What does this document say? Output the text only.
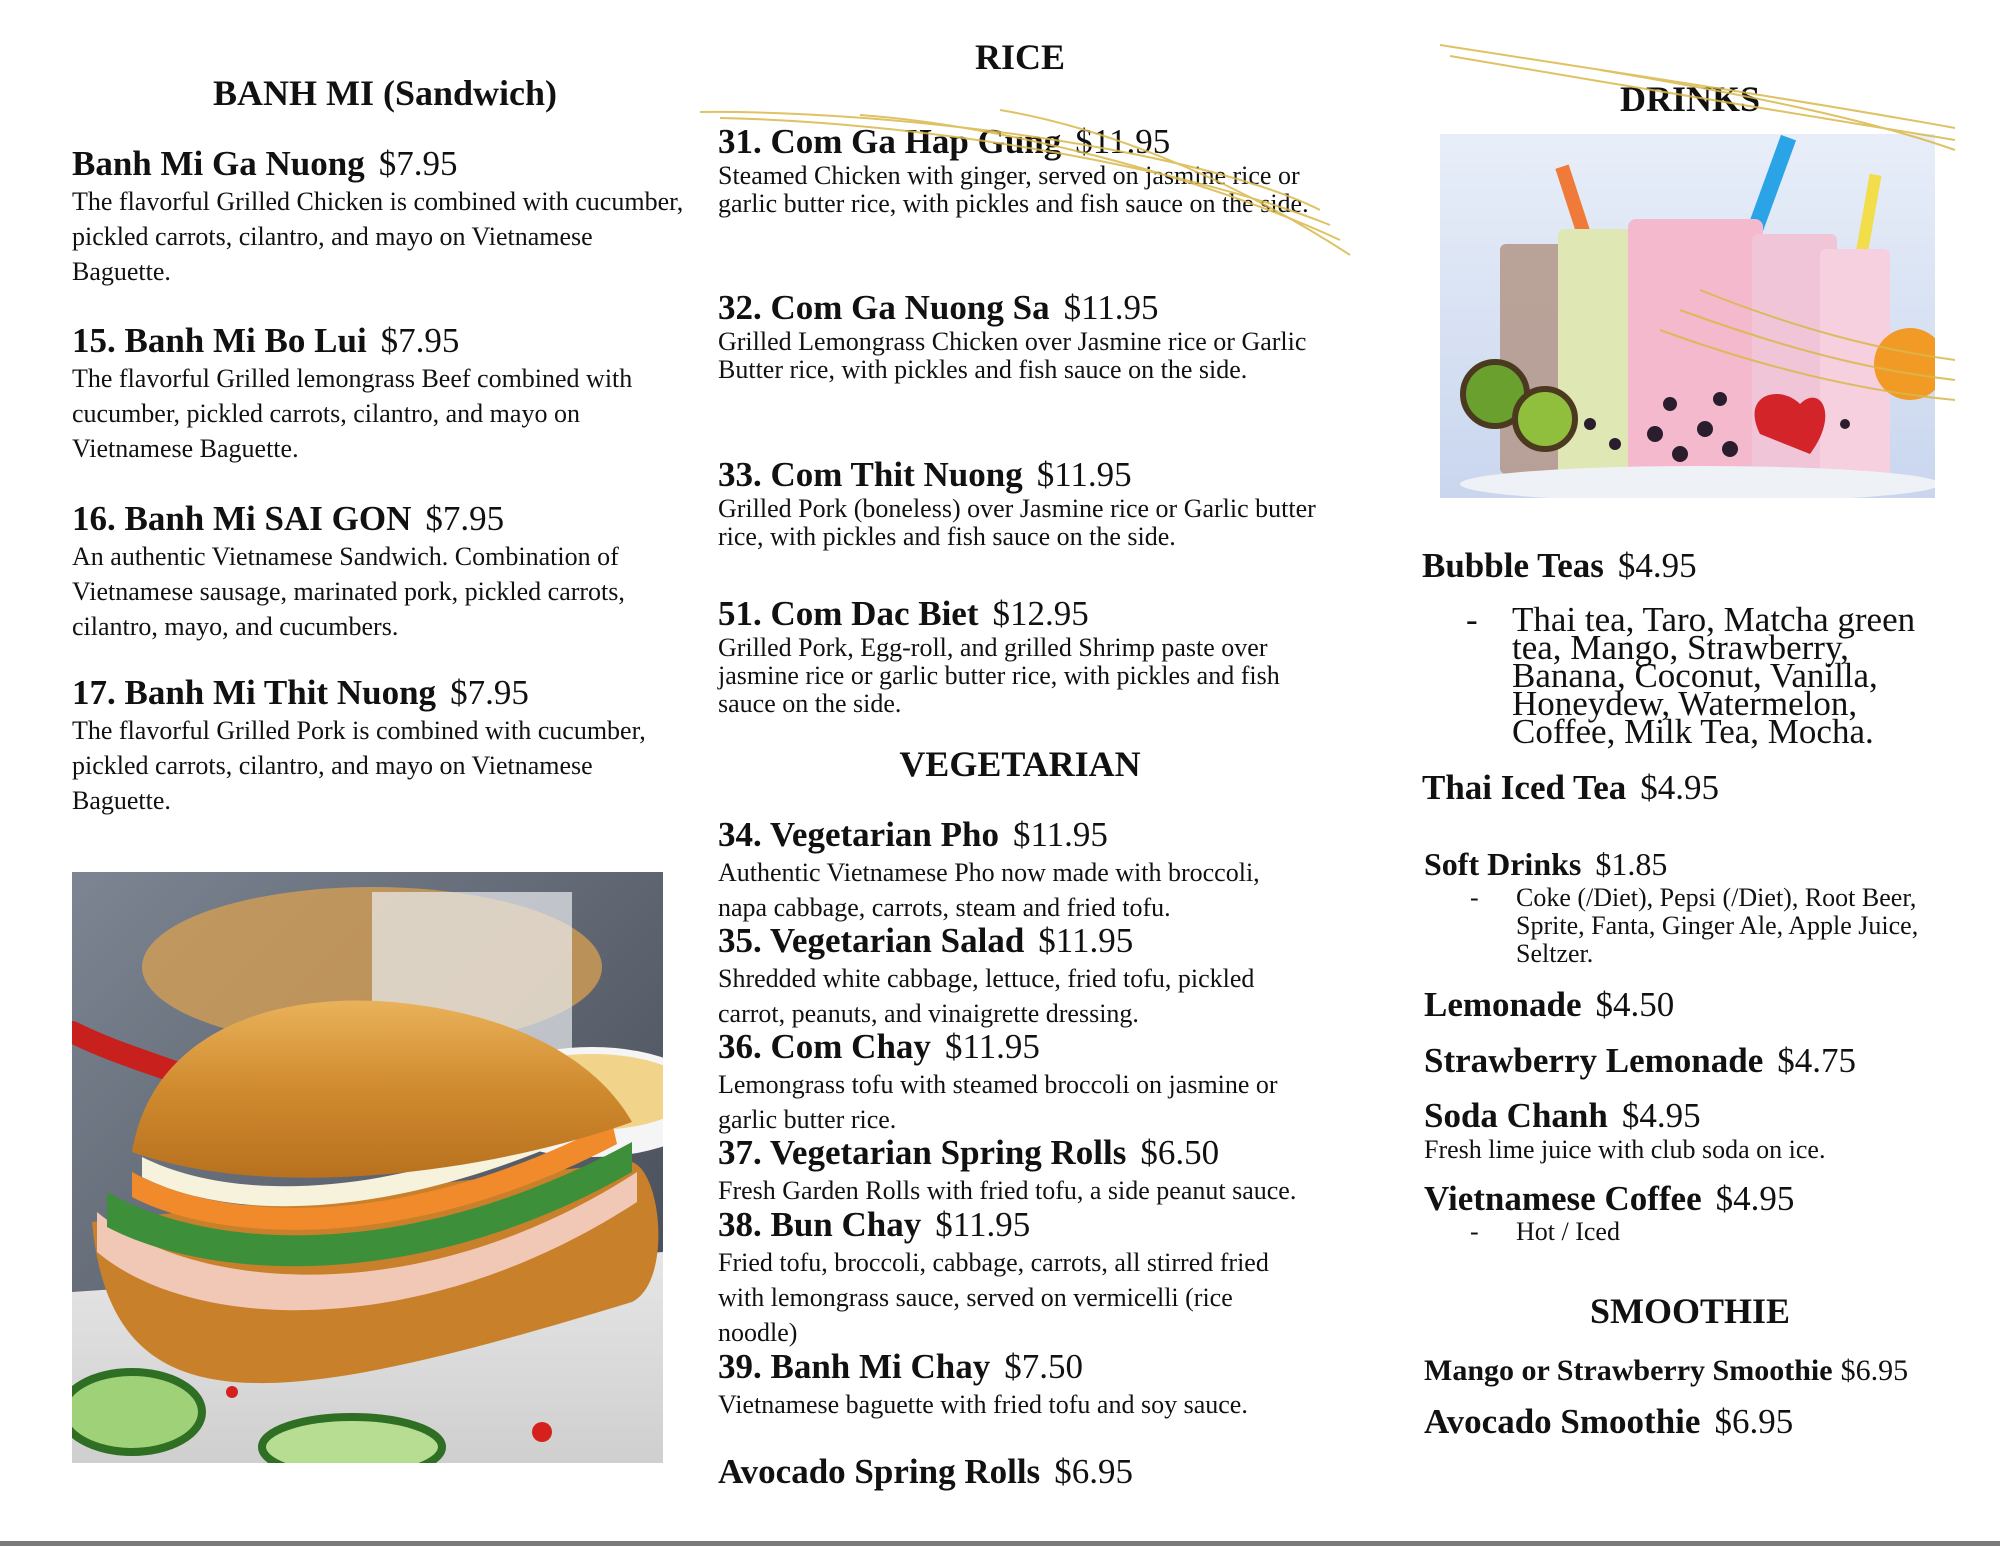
BANH MI (Sandwich)
Banh Mi Ga Nuong $7.95
The flavorful Grilled Chicken is combined with cucumber, pickled carrots, cilantro, and mayo on Vietnamese Baguette.
15. Banh Mi Bo Lui $7.95
The flavorful Grilled lemongrass Beef combined with cucumber, pickled carrots, cilantro, and mayo on Vietnamese Baguette.
16. Banh Mi SAI GON $7.95
An authentic Vietnamese Sandwich. Combination of Vietnamese sausage, marinated pork, pickled carrots, cilantro, mayo, and cucumbers.
17. Banh Mi Thit Nuong $7.95
The flavorful Grilled Pork is combined with cucumber, pickled carrots, cilantro, and mayo on Vietnamese Baguette.
RICE
31. Com Ga Hap Gung $11.95
Steamed Chicken with ginger, served on jasmine rice or garlic butter rice, with pickles and fish sauce on the side.
32. Com Ga Nuong Sa $11.95
Grilled Lemongrass Chicken over Jasmine rice or Garlic Butter rice, with pickles and fish sauce on the side.
33. Com Thit Nuong $11.95
Grilled Pork (boneless) over Jasmine rice or Garlic butter rice, with pickles and fish sauce on the side.
51. Com Dac Biet $12.95
Grilled Pork, Egg-roll, and grilled Shrimp paste over jasmine rice or garlic butter rice, with pickles and fish sauce on the side.
VEGETARIAN
34. Vegetarian Pho $11.95
Authentic Vietnamese Pho now made with broccoli, napa cabbage, carrots, steam and fried tofu.
35. Vegetarian Salad $11.95
Shredded white cabbage, lettuce, fried tofu, pickled carrot, peanuts, and vinaigrette dressing.
36. Com Chay $11.95
Lemongrass tofu with steamed broccoli on jasmine or garlic butter rice.
37. Vegetarian Spring Rolls $6.50
Fresh Garden Rolls with fried tofu, a side peanut sauce.
38. Bun Chay $11.95
Fried tofu, broccoli, cabbage, carrots, all stirred fried with lemongrass sauce, served on vermicelli (rice noodle)
39. Banh Mi Chay $7.50
Vietnamese baguette with fried tofu and soy sauce.
Avocado Spring Rolls $6.95
DRINKS
Bubble Teas $4.95
- Thai tea, Taro, Matcha green tea, Mango, Strawberry, Banana, Coconut, Vanilla, Honeydew, Watermelon, Coffee, Milk Tea, Mocha.
Thai Iced Tea $4.95
Soft Drinks $1.85
- Coke (/Diet), Pepsi (/Diet), Root Beer, Sprite, Fanta, Ginger Ale, Apple Juice, Seltzer.
Lemonade $4.50
Strawberry Lemonade $4.75
Soda Chanh $4.95
Fresh lime juice with club soda on ice.
Vietnamese Coffee $4.95
- Hot / Iced
SMOOTHIE
Mango or Strawberry Smoothie $6.95
Avocado Smoothie $6.95
